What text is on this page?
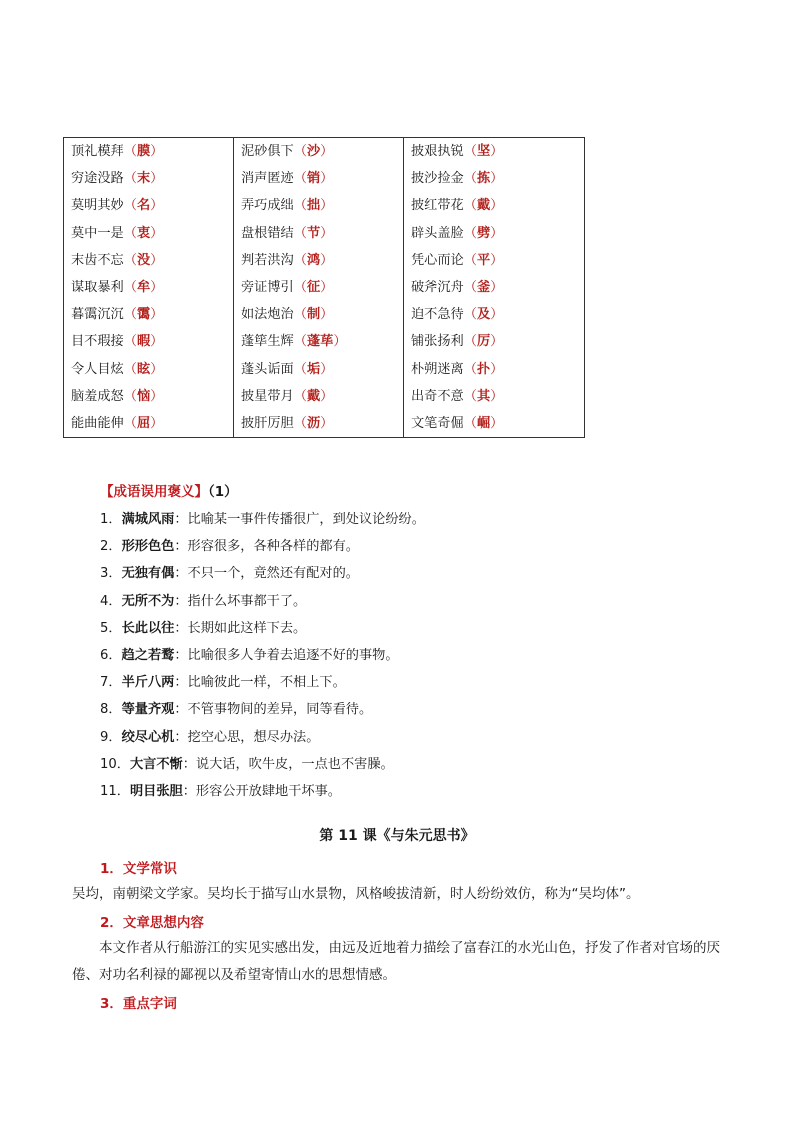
顶礼模拜（膜）	泥砂俱下（沙）	披艰执锐（坚）
穷途没路（末）	消声匿迹（销）	披沙捡金（拣）
莫明其妙（名）	弄巧成绌（拙）	披红带花（戴）
莫中一是（衷）	盘根错结（节）	辟头盖脸（劈）
末齿不忘（没）	判若洪沟（鸿）	凭心而论（平）
谋取暴利（牟）	旁证博引（征）	破斧沉舟（釜）
暮霭沉沉（霭）	如法炮治（制）	迫不急待（及）
目不瑕接（暇）	蓬筚生辉（蓬荜）	铺张扬利（厉）
令人目炫（眩）	蓬头诟面（垢）	朴朔迷离（扑）
脑羞成怒（恼）	披星带月（戴）	出奇不意（其）
能曲能伸（屈）	披肝厉胆（沥）	文笔奇倔（崛）
【成语误用褒义】（1）
1．满城风雨：比喻某一事件传播很广，到处议论纷纷。
2．形形色色：形容很多，各种各样的都有。
3．无独有偶：不只一个，竟然还有配对的。
4．无所不为：指什么坏事都干了。
5．长此以往：长期如此这样下去。
6．趋之若鹜：比喻很多人争着去追逐不好的事物。
7．半斤八两：比喻彼此一样，不相上下。
8．等量齐观：不管事物间的差异，同等看待。
9．绞尽心机：挖空心思，想尽办法。
10．大言不惭：说大话，吹牛皮，一点也不害臊。
11．明目张胆：形容公开放肆地干坏事。
第 11 课《与朱元思书》
1．文学常识
吴均，南朝梁文学家。吴均长于描写山水景物，风格峻拔清新，时人纷纷效仿，称为“吴均体”。
2．文章思想内容
本文作者从行船游江的实见实感出发，由远及近地着力描绘了富春江的水光山色，抒发了作者对官场的厌倦、对功名利禄的鄙视以及希望寄情山水的思想情感。
3．重点字词
